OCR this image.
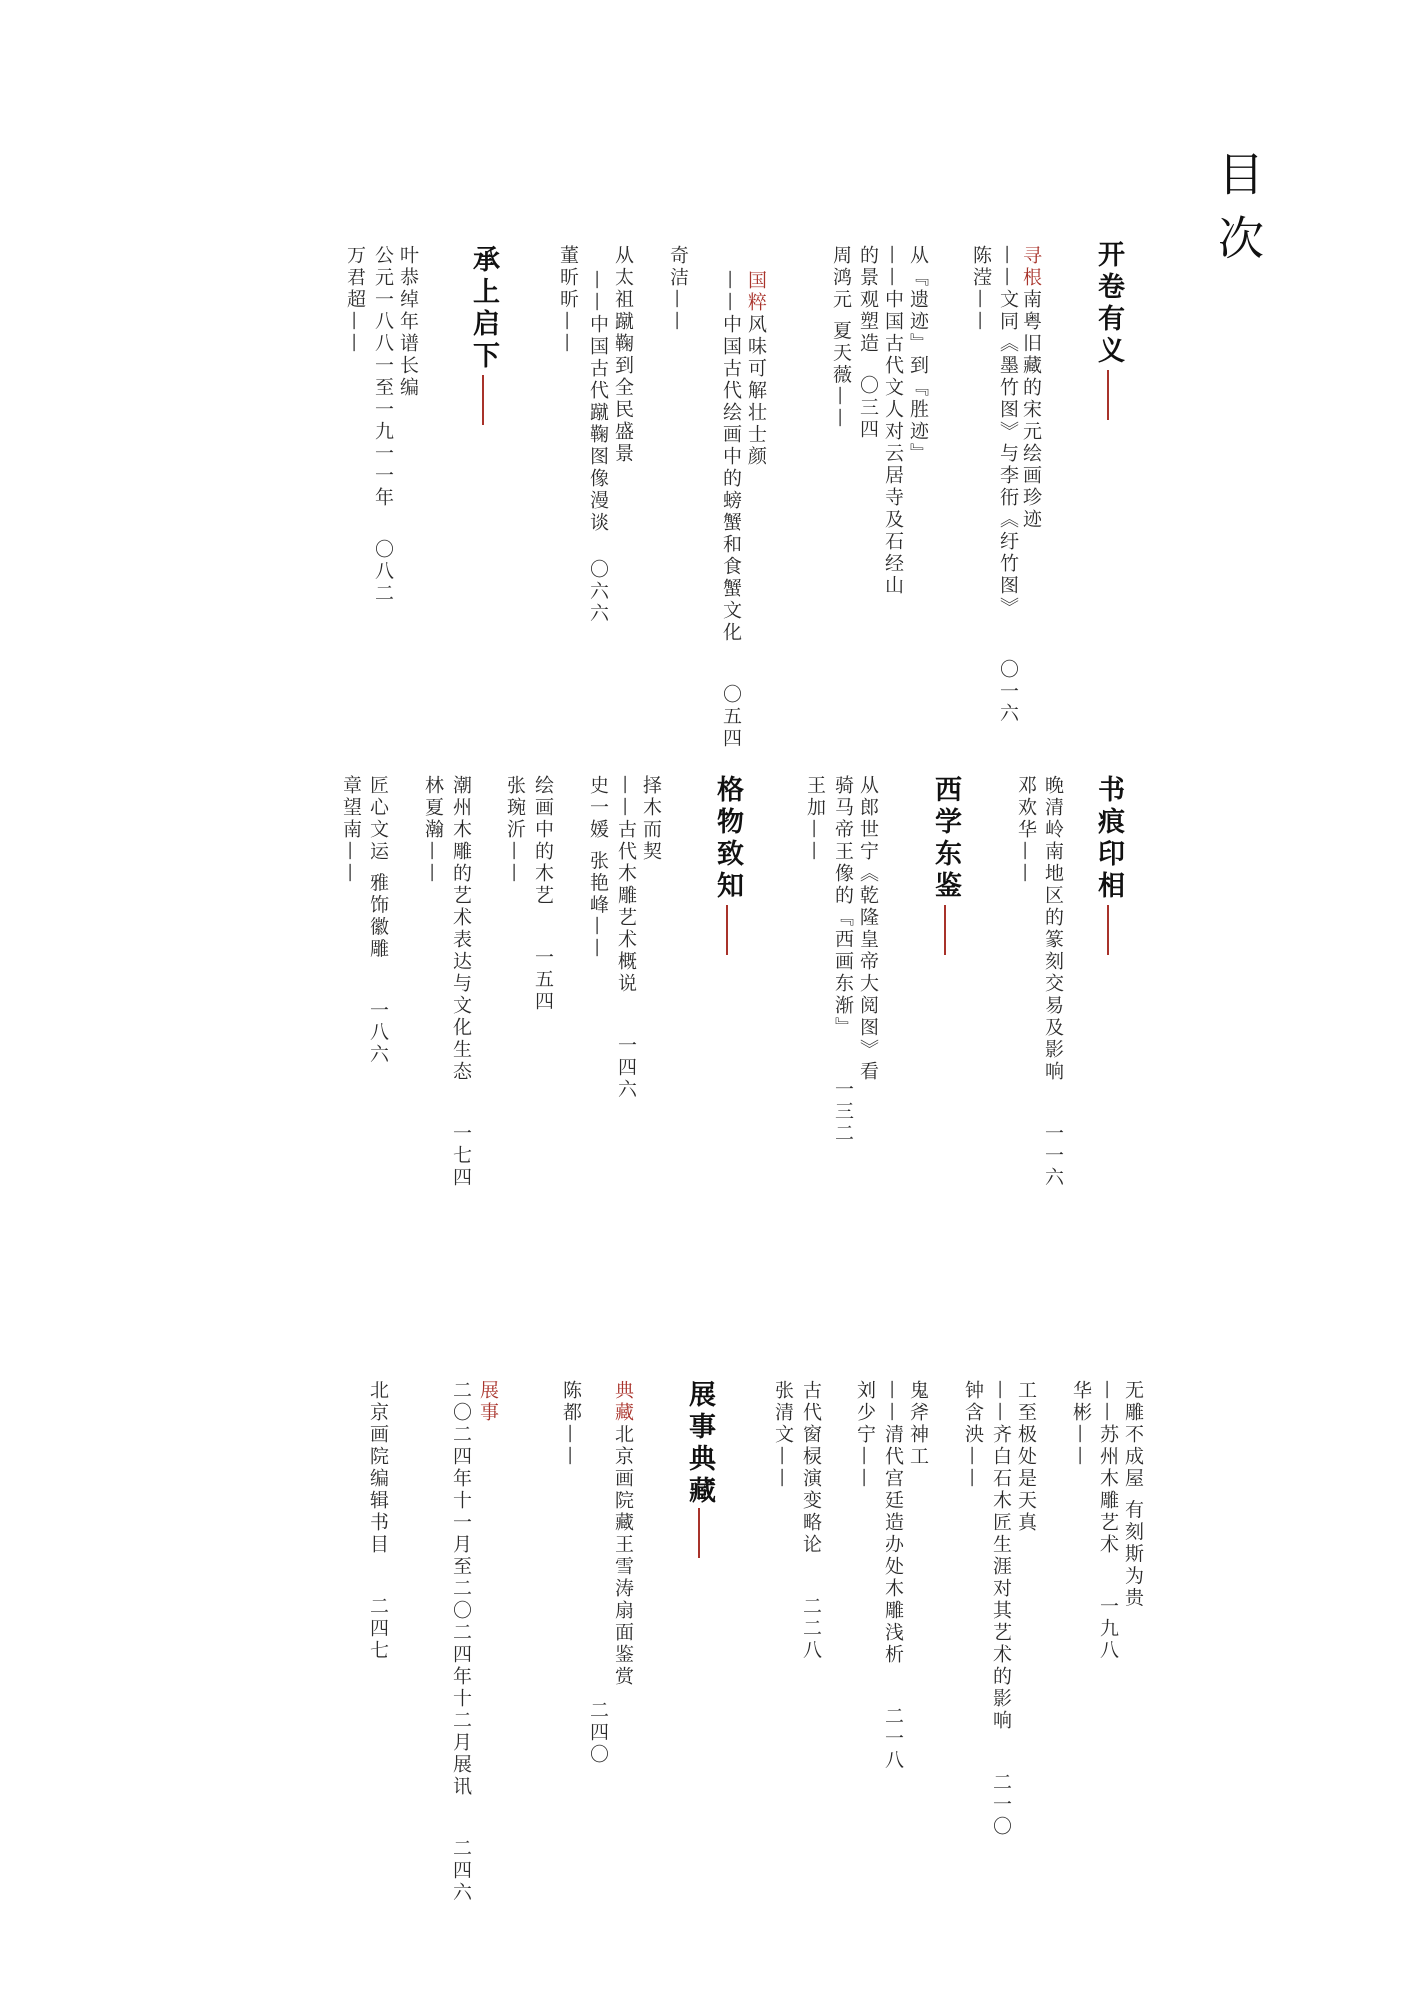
目次
开卷有义
寻根南粤旧藏的宋元绘画珍迹
——文同《墨竹图》与李衎《纡竹图》〇一六
陈滢——
从『遗迹』到『胜迹』
——中国古代文人对云居寺及石经山
的景观塑造〇三四
周鸿元 夏天薇——
国粹风味可解壮士颜
——中国古代绘画中的螃蟹和食蟹文化〇五四
奇洁——
从太祖蹴鞠到全民盛景
——中国古代蹴鞠图像漫谈〇六六
董昕昕——
承上启下
叶恭绰年谱长编
公元一八八一至一九一一年〇八二
万君超——
书痕印相
晚清岭南地区的篆刻交易及影响一一六
邓欢华——
西学东鉴
从郎世宁《乾隆皇帝大阅图》看
骑马帝王像的『西画东渐』一三二
王加——
格物致知
择木而契
——古代木雕艺术概说一四六
史一媛 张艳峰——
绘画中的木艺一五四
张琬沂——
潮州木雕的艺术表达与文化生态一七四
林夏瀚——
匠心文运 雅饰徽雕一八六
章望南——
无雕不成屋 有刻斯为贵
——苏州木雕艺术一九八
华彬——
工至极处是天真
——齐白石木匠生涯对其艺术的影响二一〇
钟含泱——
鬼斧神工
——清代宫廷造办处木雕浅析二一八
刘少宁——
古代窗棂演变略论二二八
张清文——
展事典藏
典藏北京画院藏王雪涛扇面鉴赏
二四〇
陈都——
展事
二〇二四年十一月至二〇二四年十二月展讯二四六
北京画院编辑书目二四七
